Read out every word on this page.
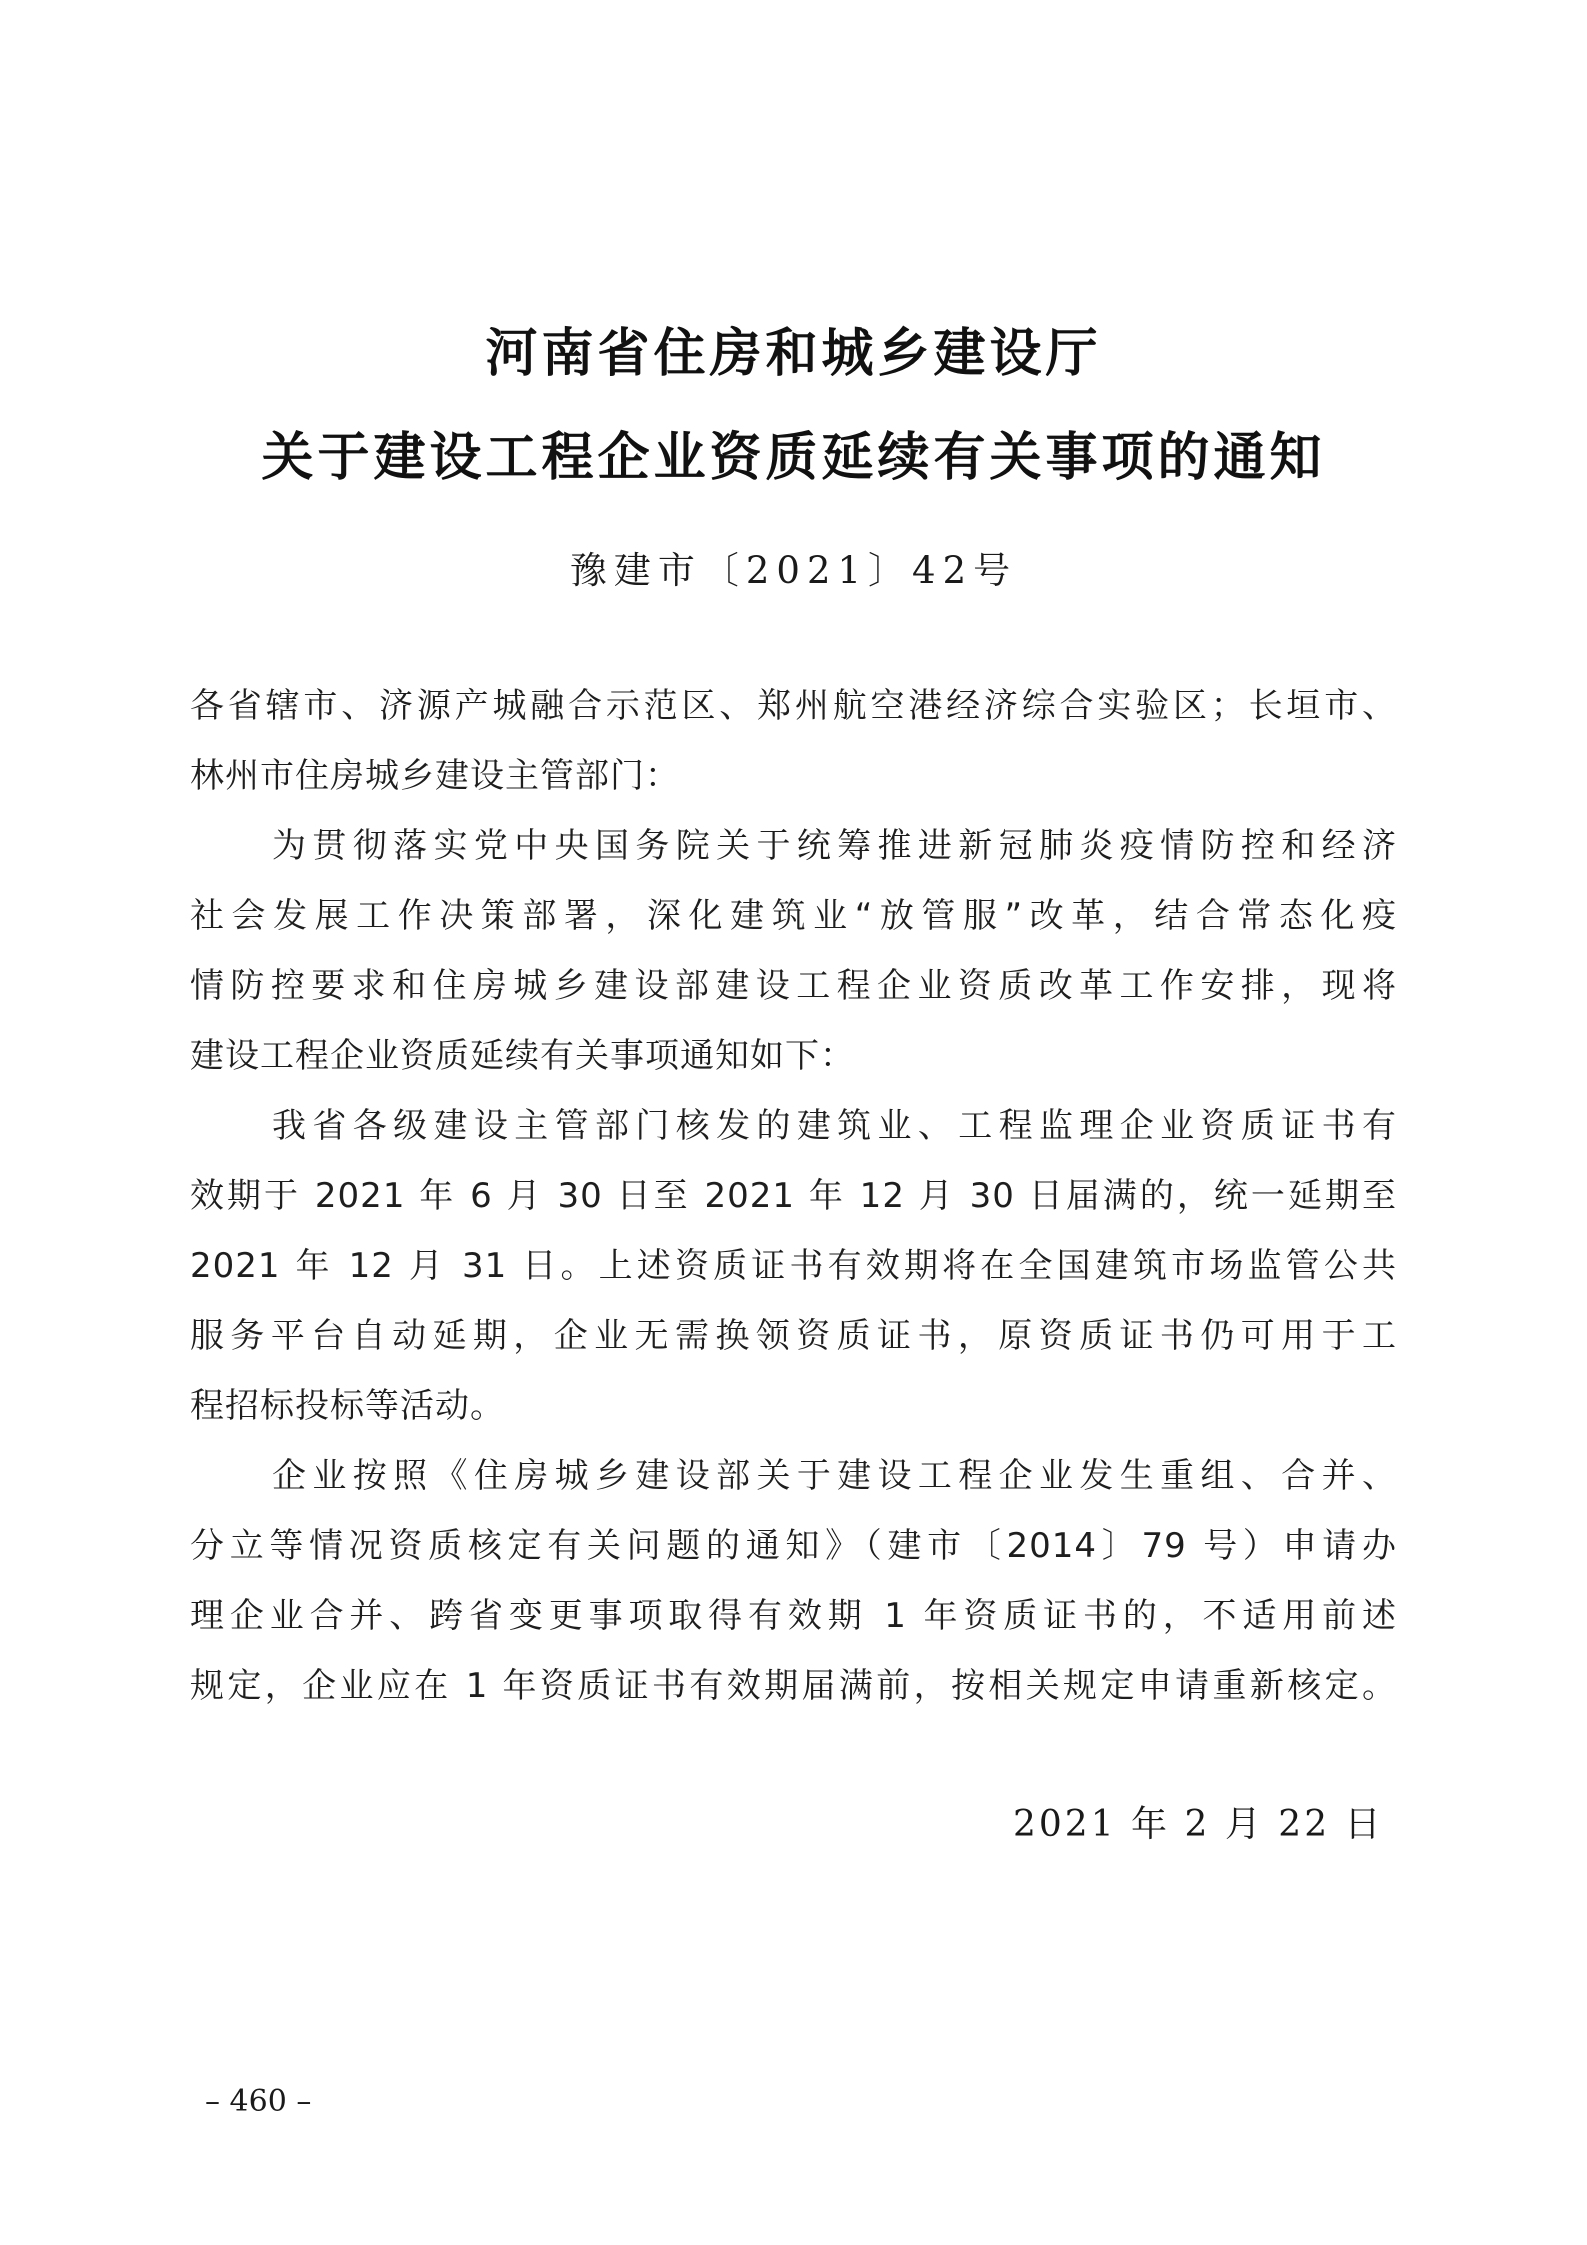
河南省住房和城乡建设厅
关于建设工程企业资质延续有关事项的通知
豫建市〔2021〕42号
各省辖市、济源产城融合示范区、郑州航空港经济综合实验区；长垣市、
林州市住房城乡建设主管部门：
为贯彻落实党中央国务院关于统筹推进新冠肺炎疫情防控和经济
社会发展工作决策部署，深化建筑业“放管服”改革，结合常态化疫
情防控要求和住房城乡建设部建设工程企业资质改革工作安排，现将
建设工程企业资质延续有关事项通知如下：
我省各级建设主管部门核发的建筑业、工程监理企业资质证书有
效期于 2021 年 6 月 30 日至 2021 年 12 月 30 日届满的，统一延期至
2021 年 12 月 31 日。上述资质证书有效期将在全国建筑市场监管公共
服务平台自动延期，企业无需换领资质证书，原资质证书仍可用于工
程招标投标等活动。
企业按照《住房城乡建设部关于建设工程企业发生重组、合并、
分立等情况资质核定有关问题的通知》（建市〔2014〕79 号）申请办
理企业合并、跨省变更事项取得有效期 1 年资质证书的，不适用前述
规定，企业应在 1 年资质证书有效期届满前，按相关规定申请重新核定。
2021 年 2 月 22 日
– 460 –
